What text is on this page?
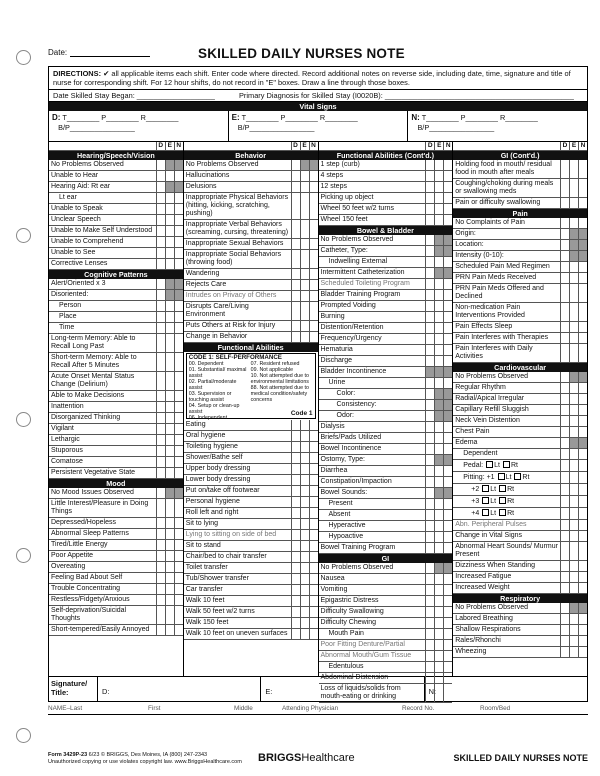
Date:	SKILLED DAILY NURSES NOTE
DIRECTIONS: ✔ all applicable items each shift. Enter code where directed. Record additional notes on reverse side, including date, time, signature and title of nurse for corresponding shift. For 12 hour shifts, do not record in "E" boxes. Draw a line through those boxes.
Date Skilled Stay Began: ___________________	Primary Diagnosis for Skilled Stay (I0020B): ______________________________________________
Vital Signs
D: T________ P________ R________
B/P________________
E: T________ P________ R________
B/P________________
N: T________ P________ R________
B/P________________
D E N
Hearing/Speech/Vision
No Problems Observed
Unable to Hear
Hearing Aid: Rt ear
Lt ear
Unable to Speak
Unclear Speech
Unable to Make Self Understood
Unable to Comprehend
Unable to See
Corrective Lenses
Cognitive Patterns
Alert/Oriented x 3
Disoriented:
Person
Place
Time
Long-term Memory: Able to Recall Long Past
Short-term Memory: Able to Recall After 5 Minutes
Acute Onset Mental Status Change (Delirium)
Able to Make Decisions
Inattention
Disorganized Thinking
Vigilant
Lethargic
Stuporous
Comatose
Persistent Vegetative State
Mood
No Mood Issues Observed
Little Interest/Pleasure in Doing Things
Depressed/Hopeless
Abnormal Sleep Patterns
Tired/Little Energy
Poor Appetite
Overeating
Feeling Bad About Self
Trouble Concentrating
Restless/Fidgety/Anxious
Self-deprivation/Suicidal Thoughts
Short-tempered/Easily Annoyed
D E N
Behavior
No Problems Observed
Hallucinations
Delusions
Inappropriate Physical Behaviors (hitting, kicking, scratching, pushing)
Inappropriate Verbal Behaviors (screaming, cursing, threatening)
Inappropriate Sexual Behaviors
Inappropriate Social Behaviors (throwing food)
Wandering
Rejects Care
Intrudes on Privacy of Others
Disrupts Care/Living Environment
Puts Others at Risk for Injury
Change in Behavior
Functional Abilities
CODE 1: SELF-PERFORMANCE
00. Dependent
01. Substantial/ maximal assist
02. Partial/moderate assist
03. Supervision or touching assist
04. Setup or clean-up assist
06. Independent
07. Resident refused
09. Not applicable
10. Not attempted due to environmental limitations
88. Not attempted due to medical condition/safety concerns
Code 1
Eating
Oral hygiene
Toileting hygiene
Shower/Bathe self
Upper body dressing
Lower body dressing
Put on/take off footwear
Personal hygiene
Roll left and right
Sit to lying
Lying to sitting on side of bed
Sit to stand
Chair/bed to chair transfer
Toilet transfer
Tub/Shower transfer
Car transfer
Walk 10 feet
Walk 50 feet w/2 turns
Walk 150 feet
Walk 10 feet on uneven surfaces
D E N
Functional Abilities (Cont'd.)
1 step (curb)
4 steps
12 steps
Picking up object
Wheel 50 feet w/2 turns
Wheel 150 feet
Bowel & Bladder
No Problems Observed
Catheter, Type:
Indwelling External
Intermittent Catheterization
Scheduled Toileting Program
Bladder Training Program
Prompted Voiding
Burning
Distention/Retention
Frequency/Urgency
Hematuria
Discharge
Bladder Incontinence
Urine
Color:
Consistency:
Odor:
Dialysis
Briefs/Pads Utilized
Bowel Incontinence
Ostomy, Type:
Diarrhea
Constipation/Impaction
Bowel Sounds:
Present
Absent
Hyperactive
Hypoactive
Bowel Training Program
GI
No Problems Observed
Nausea
Vomiting
Epigastric Distress
Difficulty Swallowing
Difficulty Chewing
Mouth Pain
Poor Fitting Denture/Partial
Abnormal Mouth/Gum Tissue
Edentulous
Abdominal Distension
Loss of liquids/solids from mouth-eating or drinking
D E N
GI (Cont'd.)
Holding food in mouth/ residual food in mouth after meals
Coughing/choking during meals or swallowing meds
Pain or difficulty swallowing
Pain
No Complaints of Pain
Origin:
Location:
Intensity (0-10):
Scheduled Pain Med Regimen
PRN Pain Meds Received
PRN Pain Meds Offered and Declined
Non-medication Pain Interventions Provided
Pain Effects Sleep
Pain Interferes with Therapies
Pain Interferes with Daily Activities
Cardiovascular
No Problems Observed
Regular Rhythm
Radial/Apical Irregular
Capillary Refill Sluggish
Neck Vein Distention
Chest Pain
Edema
Dependent
Pedal: Lt Rt
Pitting: +1 Lt Rt
+2 Lt Rt
+3 Lt Rt
+4 Lt Rt
Abn. Peripheral Pulses
Change in Vital Signs
Abnormal Heart Sounds/ Murmur Present
Dizziness When Standing
Increased Fatigue
Increased Weight
Respiratory
No Problems Observed
Labored Breathing
Shallow Respirations
Rales/Rhonchi
Wheezing
Signature/ Title:	D:	E:	N:
NAME–Last	First	Middle	Attending Physician	Record No.	Room/Bed
Form 3429P-23 6/23 © BRIGGS, Des Moines, IA (800) 247-2343
Unauthorized copying or use violates copyright law. www.BriggsHealthcare.com BRIGGSHealthcare	SKILLED DAILY NURSES NOTE
